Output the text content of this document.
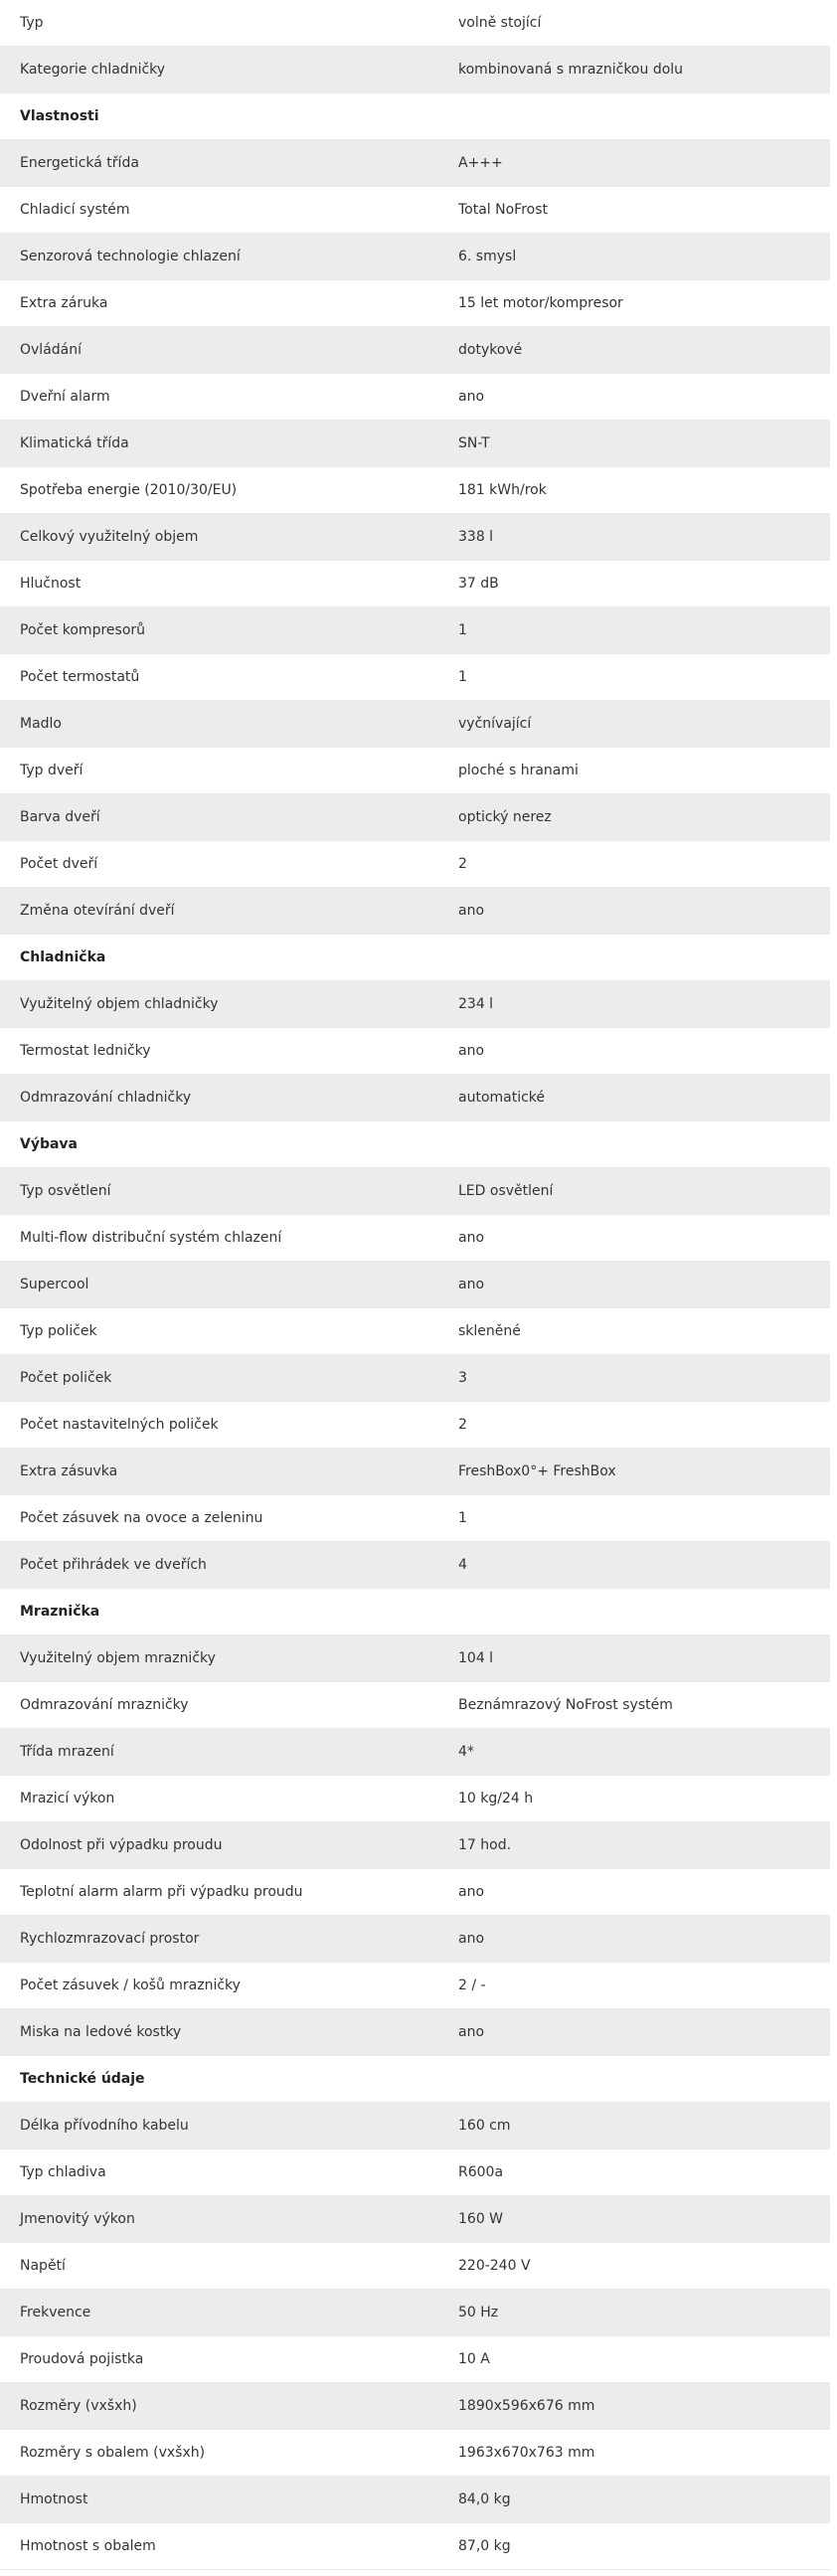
Typ	volně stojící
Kategorie chladničky	kombinovaná s mrazničkou dolu
Vlastnosti	
Energetická třída	A+++
Chladicí systém	Total NoFrost
Senzorová technologie chlazení	6. smysl
Extra záruka	15 let motor/kompresor
Ovládání	dotykové
Dveřní alarm	ano
Klimatická třída	SN-T
Spotřeba energie (2010/30/EU)	181 kWh/rok
Celkový využitelný objem	338 l
Hlučnost	37 dB
Počet kompresorů	1
Počet termostatů	1
Madlo	vyčnívající
Typ dveří	ploché s hranami
Barva dveří	optický nerez
Počet dveří	2
Změna otevírání dveří	ano
Chladnička	
Využitelný objem chladničky	234 l
Termostat ledničky	ano
Odmrazování chladničky	automatické
Výbava	
Typ osvětlení	LED osvětlení
Multi-flow distribuční systém chlazení	ano
Supercool	ano
Typ poliček	skleněné
Počet poliček	3
Počet nastavitelných poliček	2
Extra zásuvka	FreshBox0°+ FreshBox
Počet zásuvek na ovoce a zeleninu	1
Počet přihrádek ve dveřích	4
Mraznička	
Využitelný objem mrazničky	104 l
Odmrazování mrazničky	Beznámrazový NoFrost systém
Třída mrazení	4*
Mrazicí výkon	10 kg/24 h
Odolnost při výpadku proudu	17 hod.
Teplotní alarm alarm při výpadku proudu	ano
Rychlozmrazovací prostor	ano
Počet zásuvek / košů mrazničky	2 / -
Miska na ledové kostky	ano
Technické údaje	
Délka přívodního kabelu	160 cm
Typ chladiva	R600a
Jmenovitý výkon	160 W
Napětí	220-240 V
Frekvence	50 Hz
Proudová pojistka	10 A
Rozměry (vxšxh)	1890x596x676 mm
Rozměry s obalem (vxšxh)	1963x670x763 mm
Hmotnost	84,0 kg
Hmotnost s obalem	87,0 kg
